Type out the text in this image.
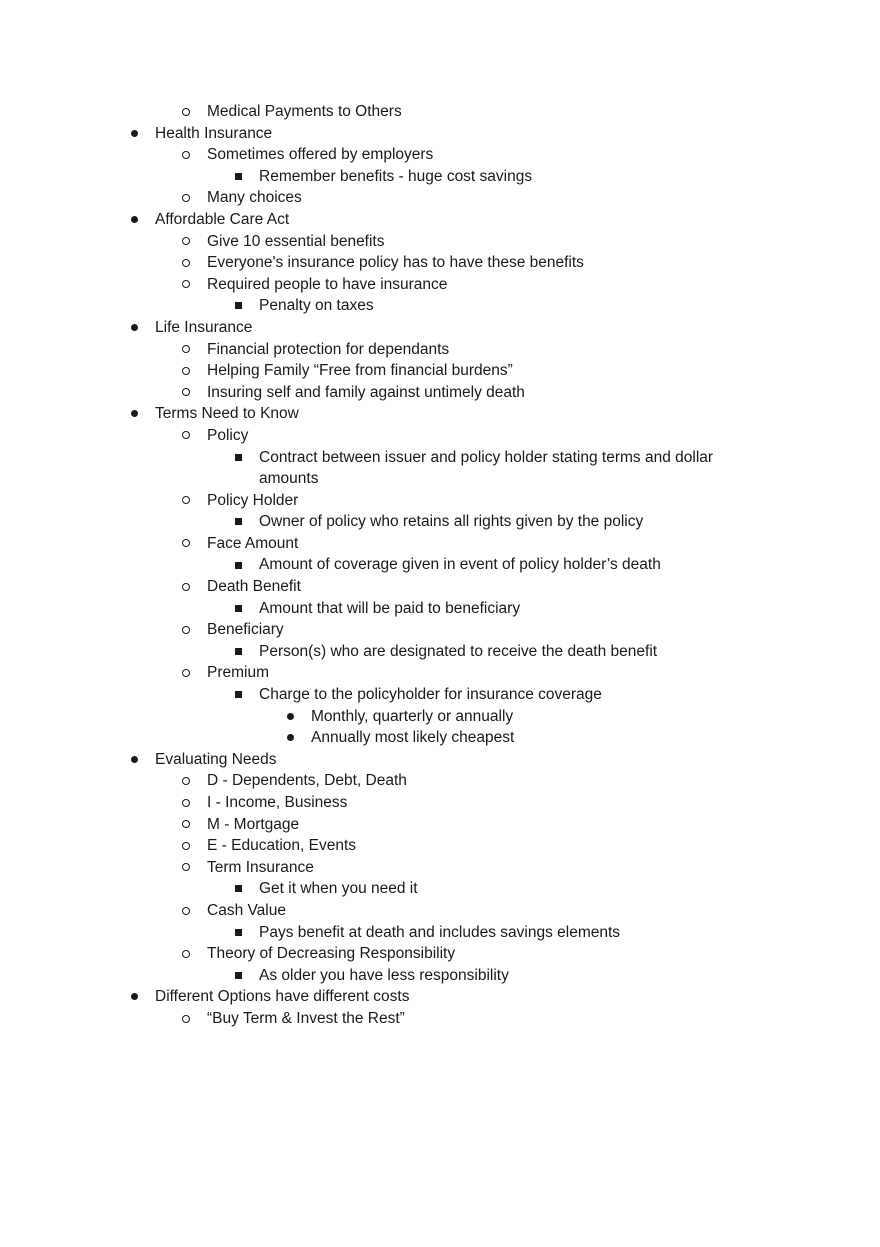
Medical Payments to Others
Health Insurance
Sometimes offered by employers
Remember benefits - huge cost savings
Many choices
Affordable Care Act
Give 10 essential benefits
Everyone's insurance policy has to have these benefits
Required people to have insurance
Penalty on taxes
Life Insurance
Financial protection for dependants
Helping Family “Free from financial burdens”
Insuring self and family against untimely death
Terms Need to Know
Policy
Contract between issuer and policy holder stating terms and dollar
amounts
Policy Holder
Owner of policy who retains all rights given by the policy
Face Amount
Amount of coverage given in event of policy holder’s death
Death Benefit
Amount that will be paid to beneficiary
Beneficiary
Person(s) who are designated to receive the death benefit
Premium
Charge to the policyholder for insurance coverage
Monthly, quarterly or annually
Annually most likely cheapest
Evaluating Needs
D - Dependents, Debt, Death
I - Income, Business
M - Mortgage
E - Education, Events
Term Insurance
Get it when you need it
Cash Value
Pays benefit at death and includes savings elements
Theory of Decreasing Responsibility
As older you have less responsibility
Different Options have different costs
“Buy Term & Invest the Rest”
